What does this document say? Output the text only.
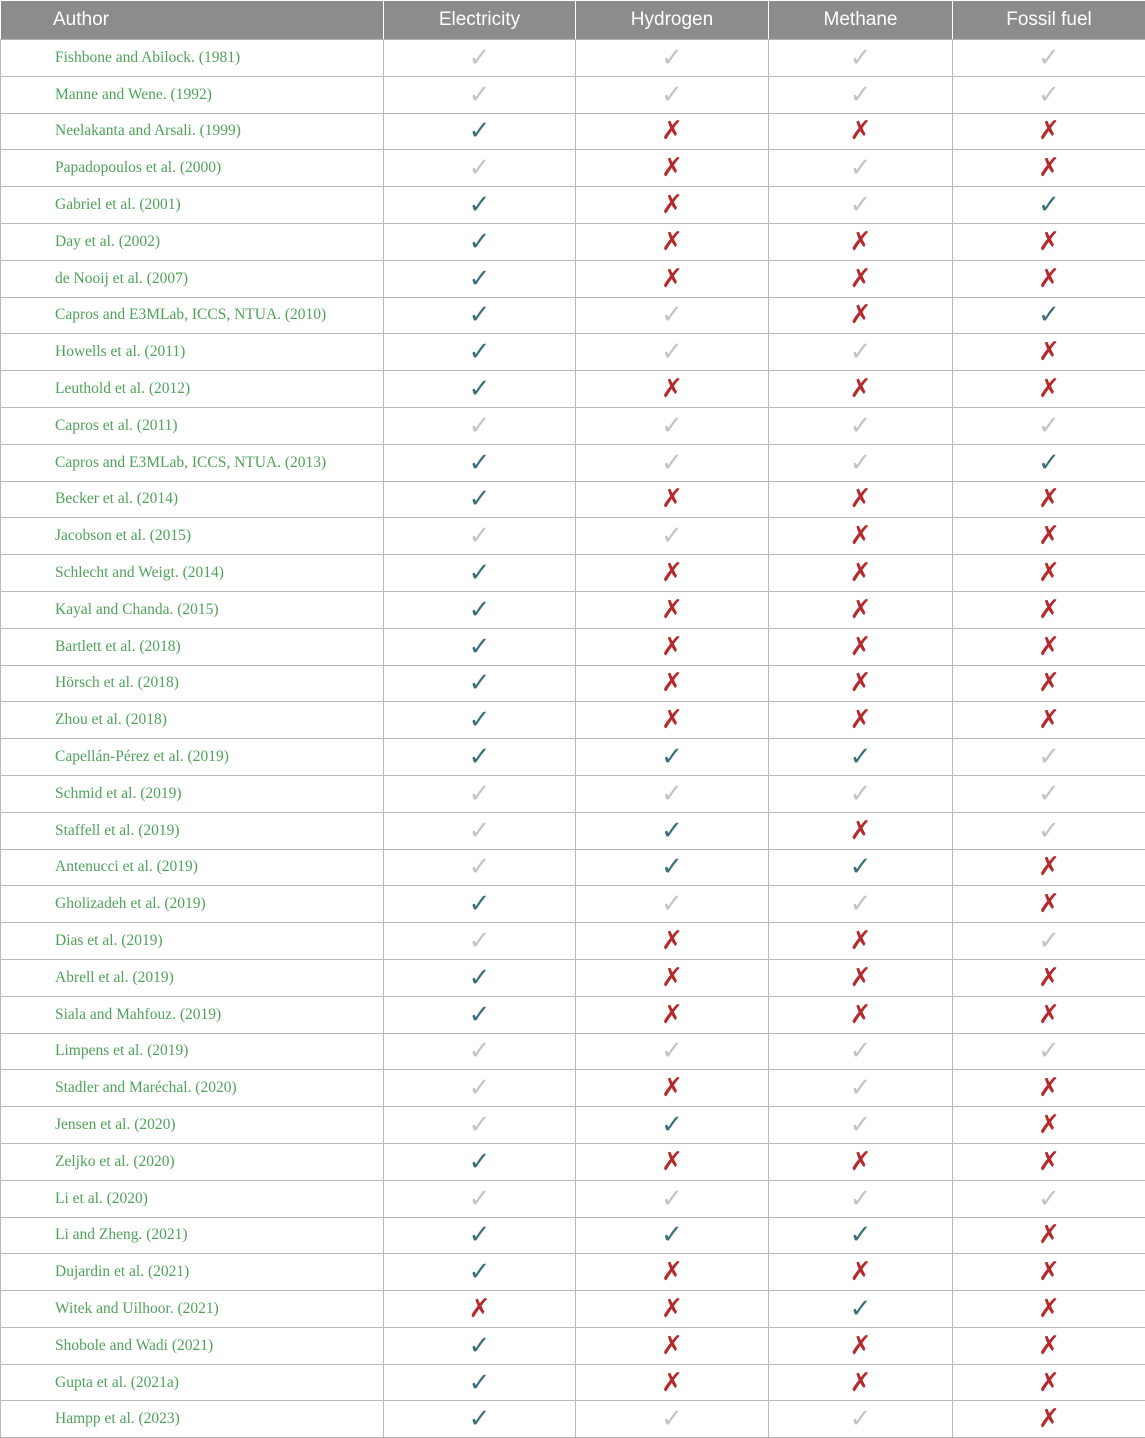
Author	Electricity	Hydrogen	Methane	Fossil fuel
Fishbone and Abilock. (1981)	✓	✓	✓	✓
Manne and Wene. (1992)	✓	✓	✓	✓
Neelakanta and Arsali. (1999)	✓	✗	✗	✗
Papadopoulos et al. (2000)	✓	✗	✓	✗
Gabriel et al. (2001)	✓	✗	✓	✓
Day et al. (2002)	✓	✗	✗	✗
de Nooij et al. (2007)	✓	✗	✗	✗
Capros and E3MLab, ICCS, NTUA. (2010)	✓	✓	✗	✓
Howells et al. (2011)	✓	✓	✓	✗
Leuthold et al. (2012)	✓	✗	✗	✗
Capros et al. (2011)	✓	✓	✓	✓
Capros and E3MLab, ICCS, NTUA. (2013)	✓	✓	✓	✓
Becker et al. (2014)	✓	✗	✗	✗
Jacobson et al. (2015)	✓	✓	✗	✗
Schlecht and Weigt. (2014)	✓	✗	✗	✗
Kayal and Chanda. (2015)	✓	✗	✗	✗
Bartlett et al. (2018)	✓	✗	✗	✗
Hörsch et al. (2018)	✓	✗	✗	✗
Zhou et al. (2018)	✓	✗	✗	✗
Capellán-Pérez et al. (2019)	✓	✓	✓	✓
Schmid et al. (2019)	✓	✓	✓	✓
Staffell et al. (2019)	✓	✓	✗	✓
Antenucci et al. (2019)	✓	✓	✓	✗
Gholizadeh et al. (2019)	✓	✓	✓	✗
Dias et al. (2019)	✓	✗	✗	✓
Abrell et al. (2019)	✓	✗	✗	✗
Siala and Mahfouz. (2019)	✓	✗	✗	✗
Limpens et al. (2019)	✓	✓	✓	✓
Stadler and Maréchal. (2020)	✓	✗	✓	✗
Jensen et al. (2020)	✓	✓	✓	✗
Zeljko et al. (2020)	✓	✗	✗	✗
Li et al. (2020)	✓	✓	✓	✓
Li and Zheng. (2021)	✓	✓	✓	✗
Dujardin et al. (2021)	✓	✗	✗	✗
Witek and Uilhoor. (2021)	✗	✗	✓	✗
Shobole and Wadi (2021)	✓	✗	✗	✗
Gupta et al. (2021a)	✓	✗	✗	✗
Hampp et al. (2023)	✓	✓	✓	✗
